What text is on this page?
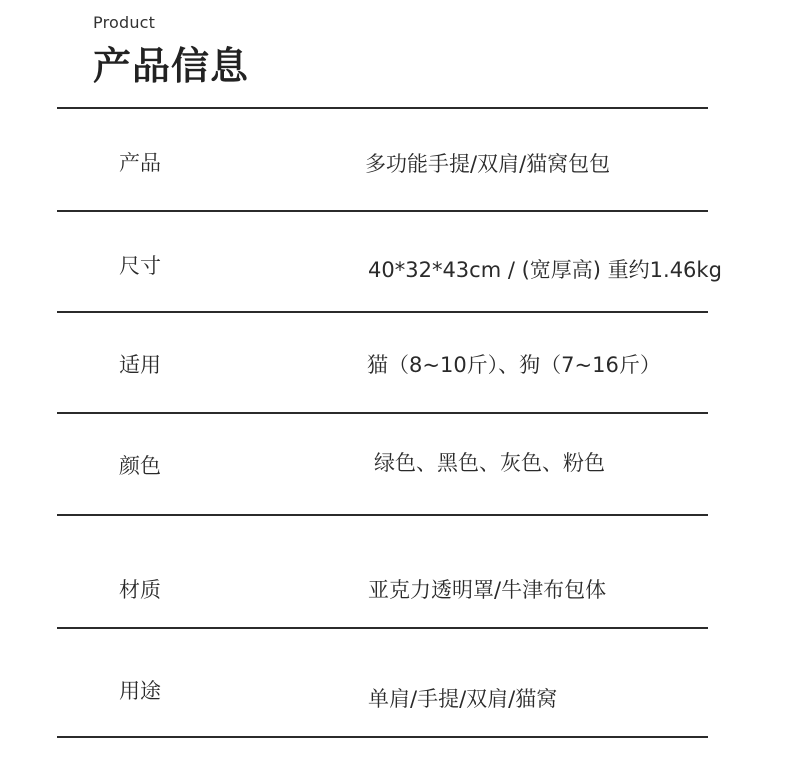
Product
产品信息
产品	多功能手提/双肩/猫窝包包
尺寸	40*32*43cm / (宽厚高) 重约1.46kg
适用	猫（8~10斤）、狗（7~16斤）
颜色	绿色、黑色、灰色、粉色
材质	亚克力透明罩/牛津布包体
用途	单肩/手提/双肩/猫窝
